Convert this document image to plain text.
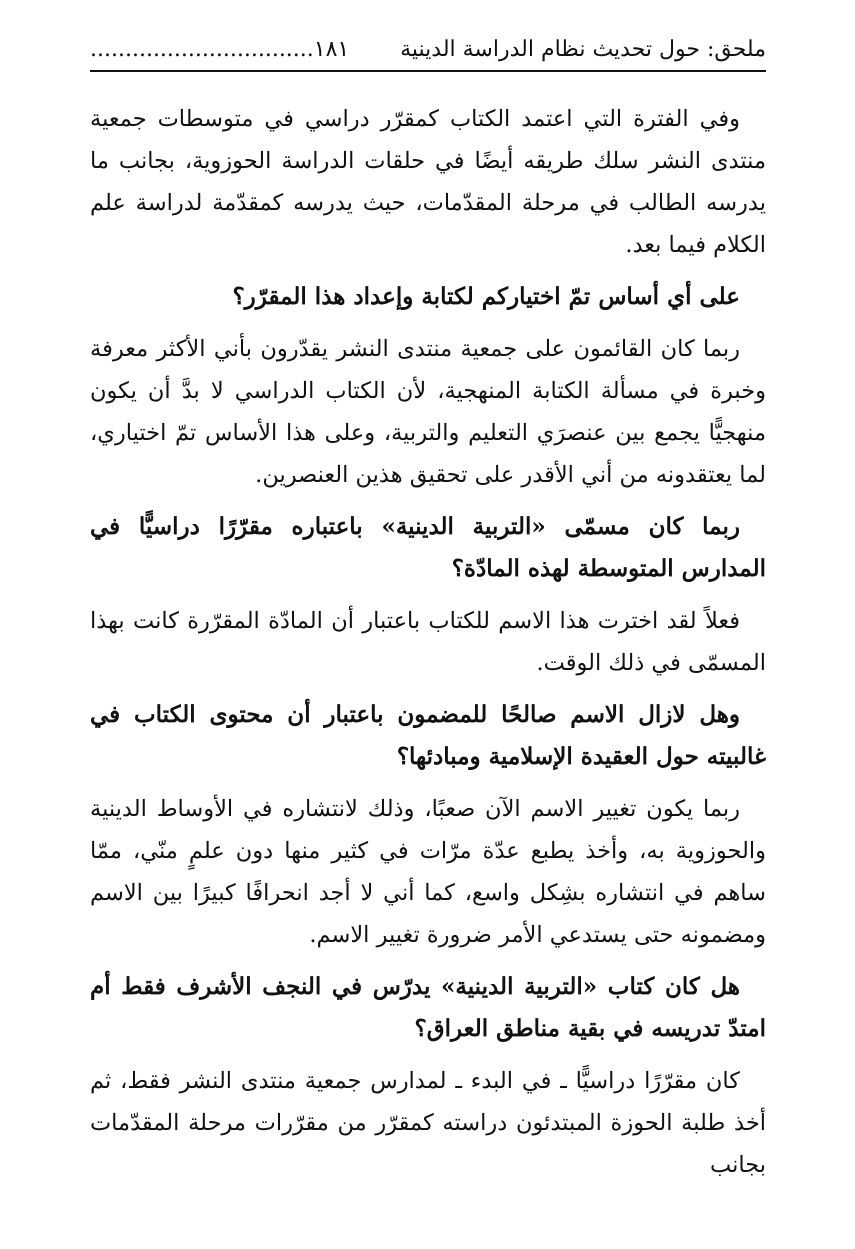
ملحق: حول تحديث نظام الدراسة الدينية
١٨١................................

وفي الفترة التي اعتمد الكتاب كمقرّر دراسي في متوسطات جمعية منتدى النشر سلك طريقه أيضًا في حلقات الدراسة الحوزوية، بجانب ما يدرسه الطالب في مرحلة المقدّمات، حيث يدرسه كمقدّمة لدراسة علم الكلام فيما بعد.

على أي أساس تمّ اختياركم لكتابة وإعداد هذا المقرّر؟

ربما كان القائمون على جمعية منتدى النشر يقدّرون بأني الأكثر معرفة وخبرة في مسألة الكتابة المنهجية، لأن الكتاب الدراسي لا بدَّ أن يكون منهجيًّا يجمع بين عنصرَي التعليم والتربية، وعلى هذا الأساس تمّ اختياري، لما يعتقدونه من أني الأقدر على تحقيق هذين العنصرين.

ربما كان مسمّى «التربية الدينية» باعتباره مقرّرًا دراسيًّا في المدارس المتوسطة لهذه المادّة؟

فعلاً لقد اخترت هذا الاسم للكتاب باعتبار أن المادّة المقرّرة كانت بهذا المسمّى في ذلك الوقت.

وهل لازال الاسم صالحًا للمضمون باعتبار أن محتوى الكتاب في غالبيته حول العقيدة الإسلامية ومبادئها؟

ربما يكون تغيير الاسم الآن صعبًا، وذلك لانتشاره في الأوساط الدينية والحوزوية به، وأخذ يطبع عدّة مرّات في كثير منها دون علمٍ منّي، ممّا ساهم في انتشاره بشِكل واسع، كما أني لا أجد انحرافًا كبيرًا بين الاسم ومضمونه حتى يستدعي الأمر ضرورة تغيير الاسم.

هل كان كتاب «التربية الدينية» يدرّس في النجف الأشرف فقط أم امتدّ تدريسه في بقية مناطق العراق؟

كان مقرّرًا دراسيًّا ـ في البدء ـ لمدارس جمعية منتدى النشر فقط، ثم أخذ طلبة الحوزة المبتدئون دراسته كمقرّر من مقرّرات مرحلة المقدّمات بجانب
